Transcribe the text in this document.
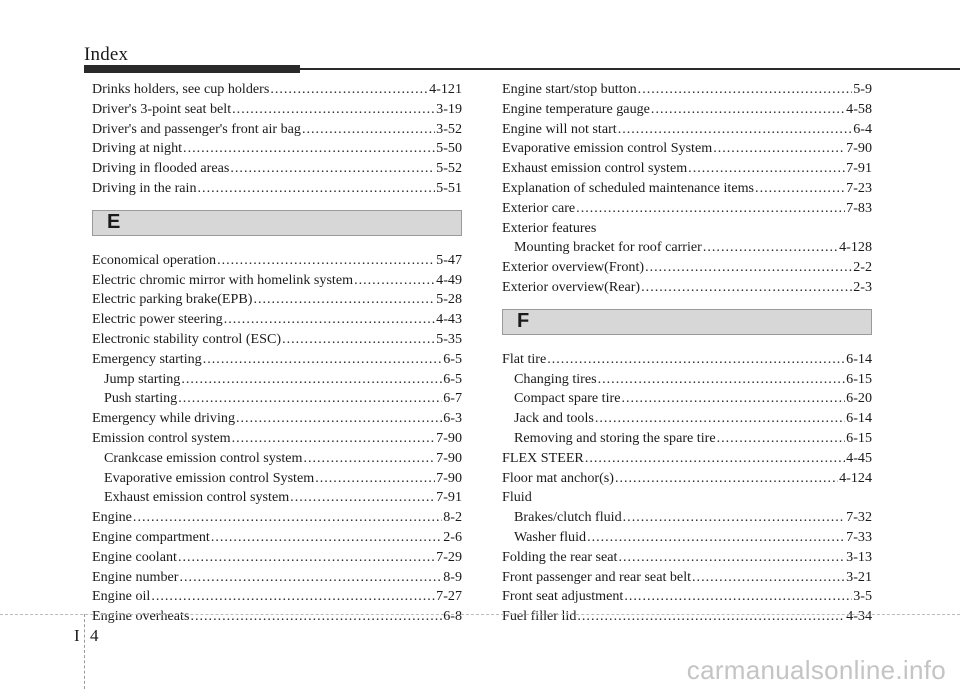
Index
Drinks holders, see cup holders .....	4-121
Driver's 3-point seat belt .....	3-19
Driver's and passenger's front air bag .....	3-52
Driving at night .....	5-50
Driving in flooded areas .....	5-52
Driving in the rain .....	5-51
E
Economical operation .....	5-47
Electric chromic mirror with homelink system .....	4-49
Electric parking brake(EPB) .....	5-28
Electric power steering .....	4-43
Electronic stability control (ESC) .....	5-35
Emergency starting .....	6-5
Jump starting .....	6-5
Push starting .....	6-7
Emergency while driving .....	6-3
Emission control system .....	7-90
Crankcase emission control system .....	7-90
Evaporative emission control System .....	7-90
Exhaust emission control system .....	7-91
Engine .....	8-2
Engine compartment .....	2-6
Engine coolant .....	7-29
Engine number .....	8-9
Engine oil .....	7-27
Engine overheats .....	6-8
Engine start/stop button .....	5-9
Engine temperature gauge .....	4-58
Engine will not start .....	6-4
Evaporative emission control System .....	7-90
Exhaust emission control system .....	7-91
Explanation of scheduled maintenance items .....	7-23
Exterior care .....	7-83
Exterior features
Mounting bracket for roof carrier .....	4-128
Exterior overview(Front) .....	2-2
Exterior overview(Rear) .....	2-3
F
Flat tire .....	6-14
Changing tires .....	6-15
Compact spare tire .....	6-20
Jack and tools .....	6-14
Removing and storing the spare tire .....	6-15
FLEX STEER .....	4-45
Floor mat anchor(s) .....	4-124
Fluid
Brakes/clutch fluid .....	7-32
Washer fluid .....	7-33
Folding the rear seat .....	3-13
Front passenger and rear seat belt .....	3-21
Front seat adjustment .....	3-5
Fuel filler lid .....	4-34
I 4
carmanualsonline.info
